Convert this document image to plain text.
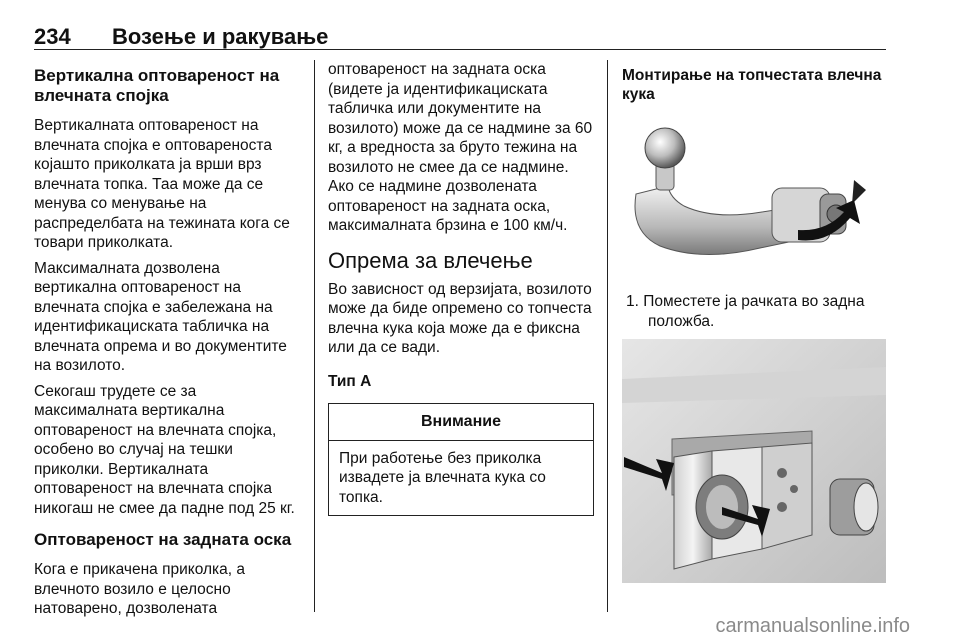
234 Возење и ракување
Вертикална оптовареност на влечната спојка

Вертикалната оптовареност на влечната спојка е оптовареноста којашто приколката ја врши врз влечната топка. Таа може да се менува со менување на распределбата на тежината кога се товари приколката.

Максималната дозволена вертикална оптовареност на влечната спојка е забележана на идентификациската табличка на влечната опрема и во документите на возилото.

Секогаш трудете се за максималната вертикална оптовареност на влечната спојка, особено во случај на тешки приколки. Вертикалната оптовареност на влечната спојка никогаш не смее да падне под 25 кг.

Оптовареност на задната оска

Кога е прикачена приколка, а влечното возило е целосно натоварено, дозволената

оптовареност на задната оска (видете ја идентификациската табличка или документите на возилото) може да се надмине за 60 кг, а вредноста за бруто тежина на возилото не смее да се надмине. Ако се надмине дозволената оптовареност на задната оска, максималната брзина е 100 км/ч.

Опрема за влечење

Во зависност од верзијата, возилото може да биде опремено со топчеста влечна кука која може да е фиксна или да се вади.

Тип А
Внимание
При работење без приколка извадете ја влечната кука со топка.
Монтирање на топчестата влечна кука

1. Поместете ја рачката во задна положба.

carmanualsonline.info
